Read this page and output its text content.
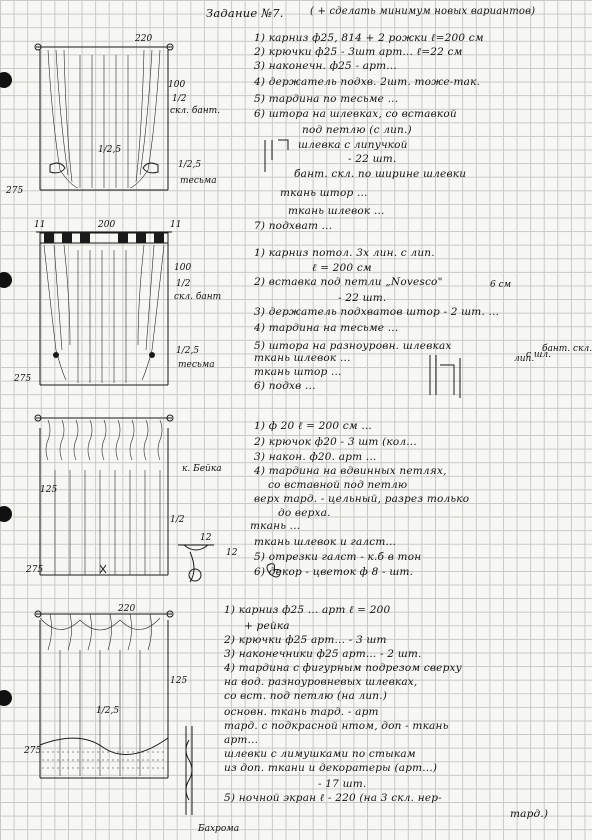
220
275
100
1/2
скл. бант.
1/2,5
1/2,5
тесьма
200
11	11
100
1/2
скл. бант
1/2,5
тесьма
275
125
275
1/2
к. Бейка
12
12
220
125
1/2,5
275
Бахрома
Задание №7.	( + сделать минимум новых вариантов)
1) карниз ф25, 814 + 2 рожки ℓ=200 см
2) крючки ф25 - 3шт арт... ℓ=22 см
3) наконечн. ф25 - арт...
4) держатель подхв. 2шт. тоже-так.
5) тардина по тесьме ...
6) штора на шлевках, со вставкой
под петлю (с лип.)
шлевка с липучкой
- 22 шт.
бант. скл. по ширине шлевки
ткань штор ...
ткань шлевок ...
7) подхват ...
1) карниз потол. 3х лин. с лип.
ℓ = 200 см
2) вставка под петли „Novesco"
- 22 шт.
3) держатель подхватов штор - 2 шт. ...
4) тардина на тесьме ...
5) штора на разноуровн. шлевках
ткань шлевок ...
ткань штор ...
6) подхв ...
6 см
лип.
с шл.
бант. скл.
1) ф 20 ℓ = 200 см ...
2) крючок ф20 - 3 шт (кол...
3) након. ф20. арт ...
4) тардина на вдвинных петлях,
со вставной под петлю
верх тард. - цельный, разрез только
до верха.
ткань ...
ткань шлевок и галст...
5) отрезки галст - к.б в тон
6) декор - цветок ф 8 - шт.
1) карниз ф25 ... арт ℓ = 200
+ рейка
2) крючки ф25 арт... - 3 шт
3) наконечники ф25 арт... - 2 шт.
4) тардина с фигурным подрезом сверху
на вод. разноуровневых шлевках,
со вст. под петлю (на лип.)
основн. ткань тард. - арт
тард. с подкрасной нтом, доп - ткань
арт...
шлевки с лимушками по стыкам
из доп. ткани и декоратеры (арт...)
- 17 шт.
5) ночной экран ℓ - 220 (на 3 скл. нер-
тард.)
